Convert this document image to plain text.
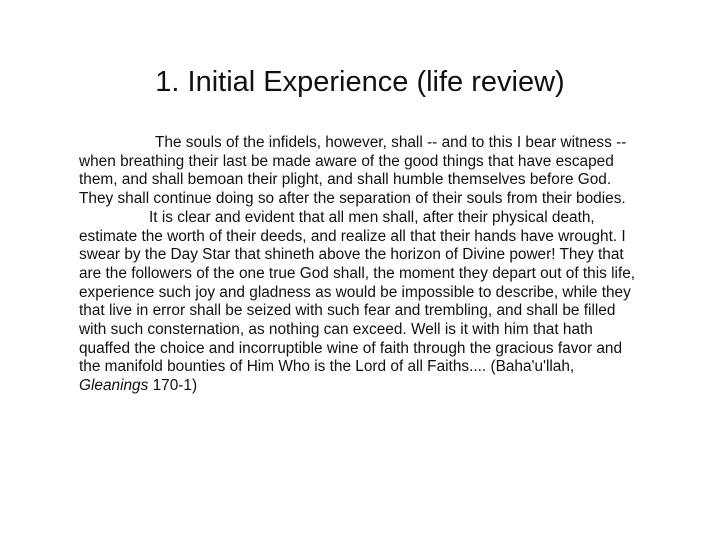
1. Initial Experience (life review)

The souls of the infidels, however, shall -- and to this I bear witness -- when breathing their last be made aware of the good things that have escaped them, and shall bemoan their plight, and shall humble themselves before God. They shall continue doing so after the separation of their souls from their bodies.

It is clear and evident that all men shall, after their physical death, estimate the worth of their deeds, and realize all that their hands have wrought. I swear by the Day Star that shineth above the horizon of Divine power! They that are the followers of the one true God shall, the moment they depart out of this life, experience such joy and gladness as would be impossible to describe, while they that live in error shall be seized with such fear and trembling, and shall be filled with such consternation, as nothing can exceed. Well is it with him that hath quaffed the choice and incorruptible wine of faith through the gracious favor and the manifold bounties of Him Who is the Lord of all Faiths.... (Baha'u'llah, Gleanings 170-1)
